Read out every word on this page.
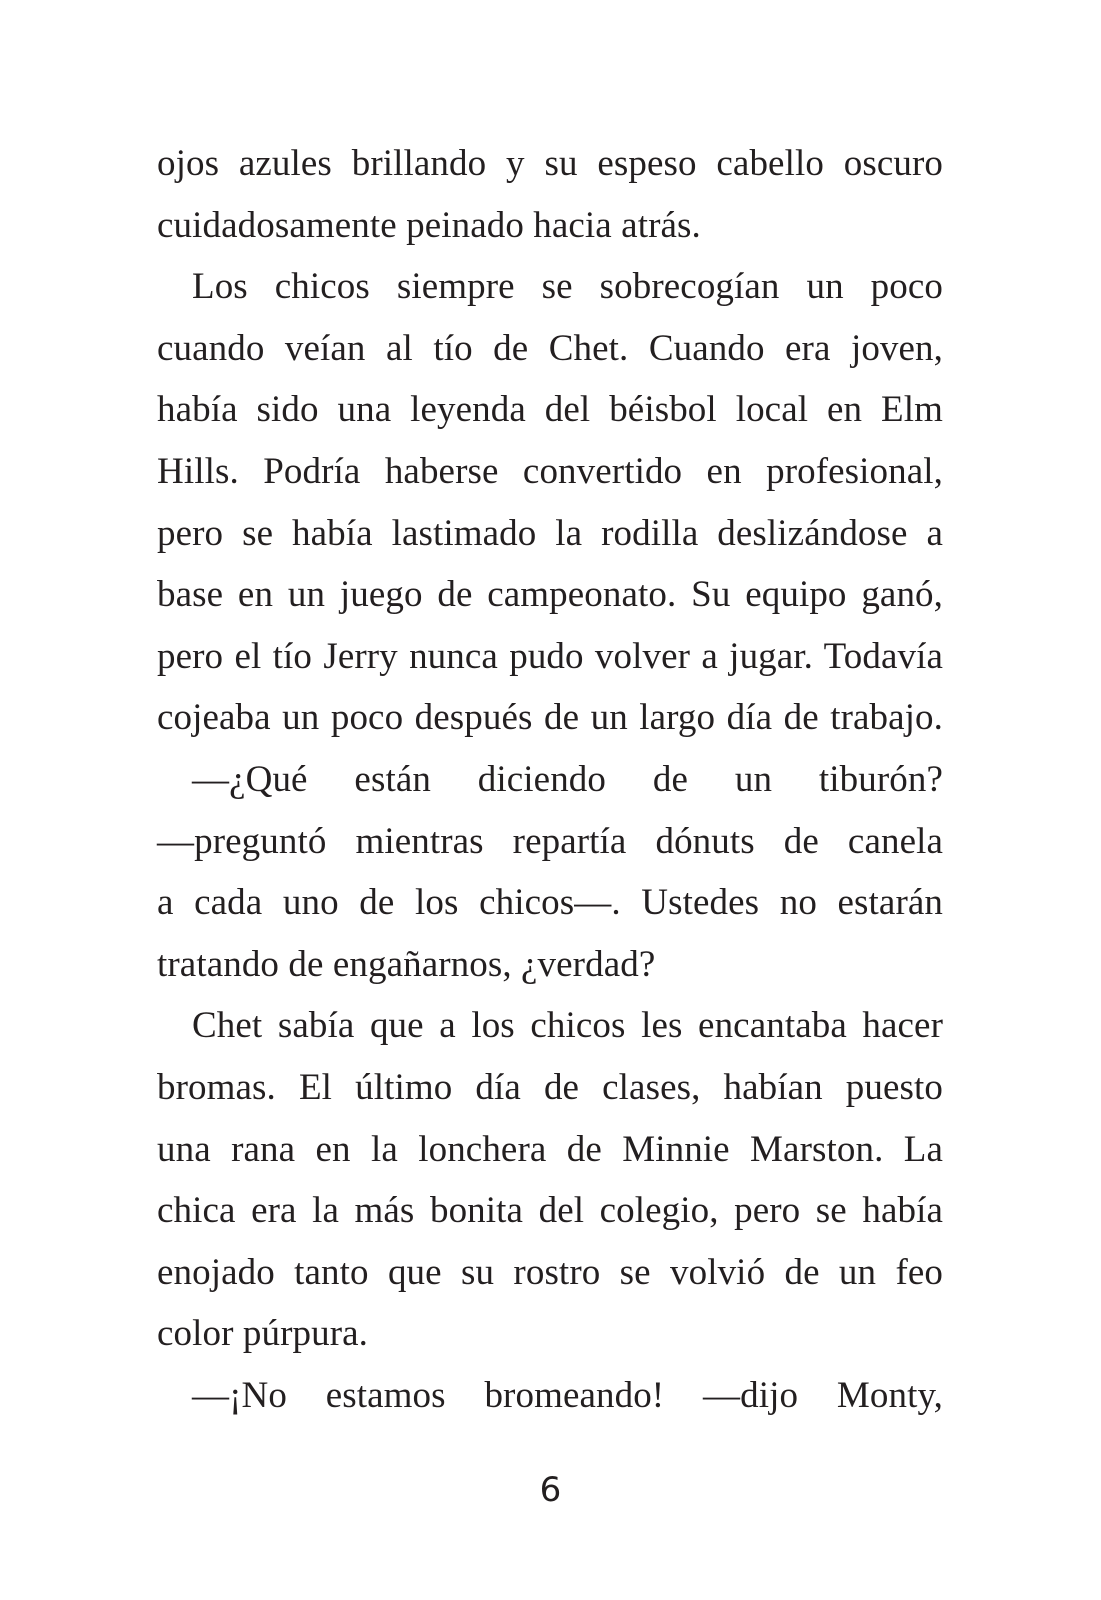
ojos azules brillando y su espeso cabello oscuro
cuidadosamente peinado hacia atrás.
Los chicos siempre se sobrecogían un poco
cuando veían al tío de Chet. Cuando era joven,
había sido una leyenda del béisbol local en Elm
Hills. Podría haberse convertido en profesional,
pero se había lastimado la rodilla deslizándose a
base en un juego de campeonato. Su equipo ganó,
pero el tío Jerry nunca pudo volver a jugar. Todavía
cojeaba un poco después de un largo día de trabajo.
—¿Qué están diciendo de un tiburón?
—preguntó mientras repartía dónuts de canela
a cada uno de los chicos—. Ustedes no estarán
tratando de engañarnos, ¿verdad?
Chet sabía que a los chicos les encantaba hacer
bromas. El último día de clases, habían puesto
una rana en la lonchera de Minnie Marston. La
chica era la más bonita del colegio, pero se había
enojado tanto que su rostro se volvió de un feo
color púrpura.
—¡No estamos bromeando! —dijo Monty,
6
